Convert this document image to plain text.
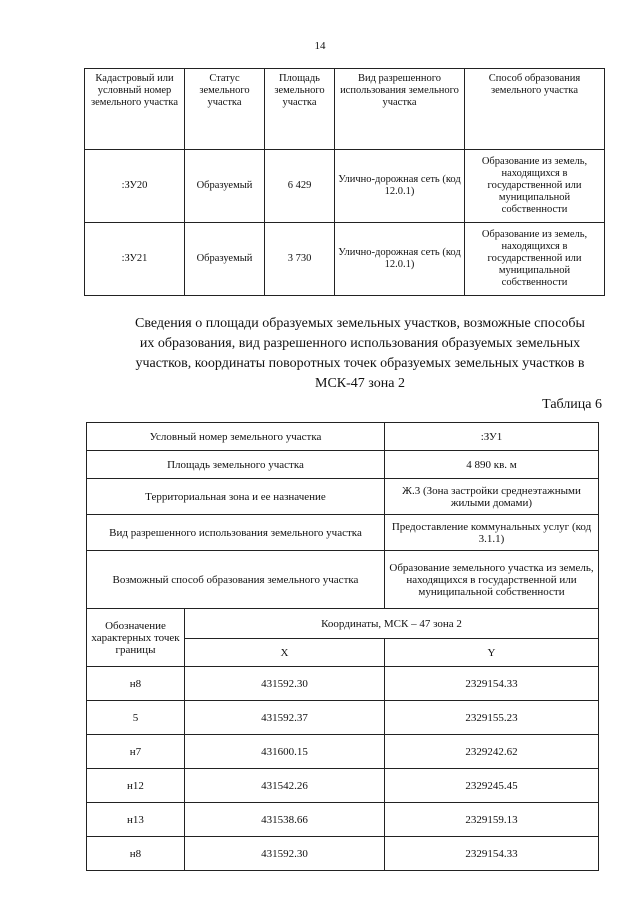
14
Кадастровый или условный номер земельного участка	Статус земельного участка	Площадь земельного участка	Вид разрешенного использования земельного участка	Способ образования земельного участка
:ЗУ20	Образуемый	6 429	Улично-дорожная сеть (код 12.0.1)	Образование из земель, находящихся в государственной или муниципальной собственности
:ЗУ21	Образуемый	3 730	Улично-дорожная сеть (код 12.0.1)	Образование из земель, находящихся в государственной или муниципальной собственности
Сведения о площади образуемых земельных участков, возможные способы их образования, вид разрешенного использования образуемых земельных участков, координаты поворотных точек образуемых земельных участков в МСК-47 зона 2
Таблица 6
Условный номер земельного участка		:ЗУ1
Площадь земельного участка		4 890 кв. м
Территориальная зона и ее назначение		Ж.3 (Зона застройки среднеэтажными жилыми домами)
Вид разрешенного использования земельного участка		Предоставление коммунальных услуг (код 3.1.1)
Возможный способ образования земельного участка		Образование земельного участка из земель, находящихся в государственной или муниципальной собственности
Обозначение характерных точек границы	Координаты, МСК – 47 зона 2	
	X	Y
н8	431592.30	2329154.33
5	431592.37	2329155.23
н7	431600.15	2329242.62
н12	431542.26	2329245.45
н13	431538.66	2329159.13
н8	431592.30	2329154.33
